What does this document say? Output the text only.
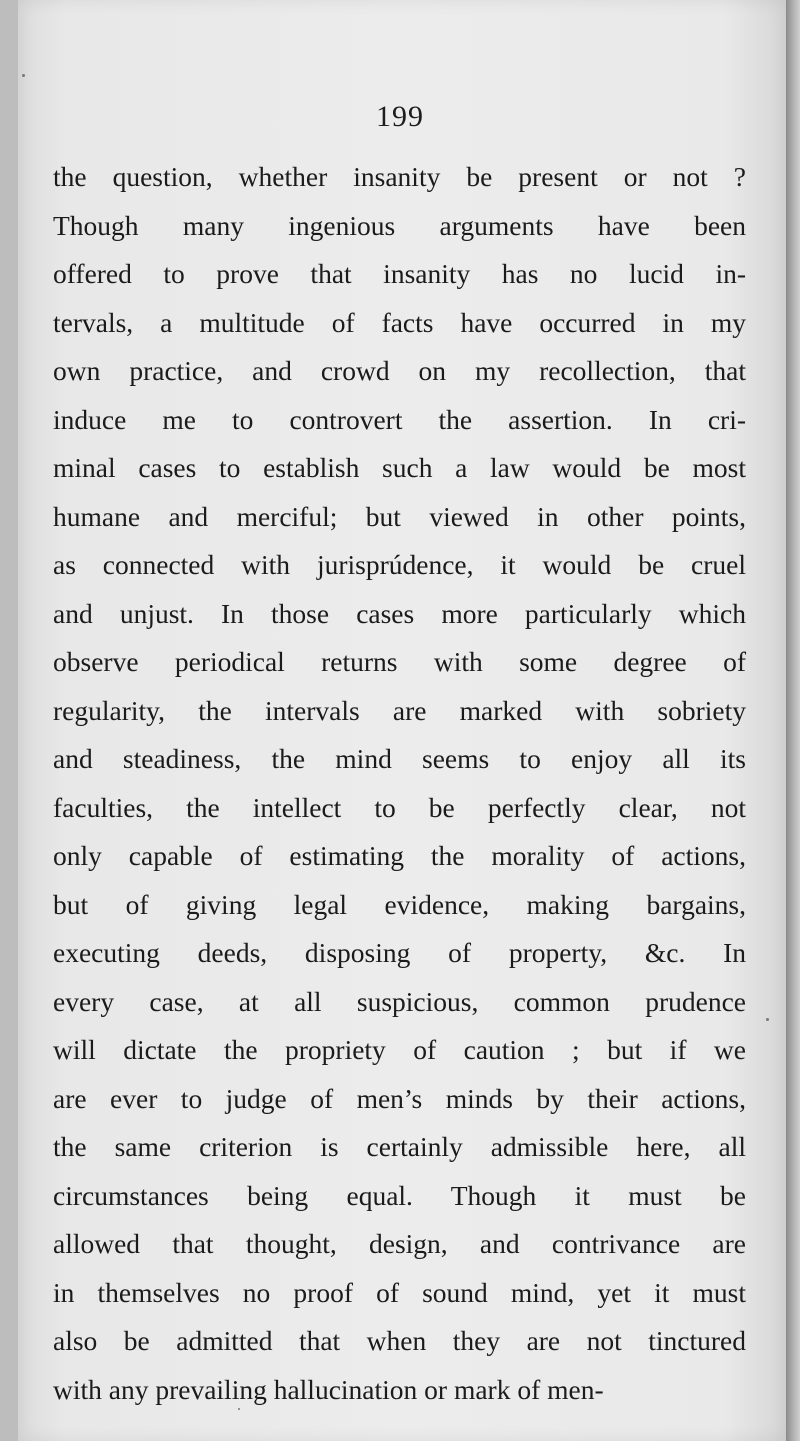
199
the question, whether insanity be present or not ?
Though many ingenious arguments have been
offered to prove that insanity has no lucid in-
tervals, a multitude of facts have occurred in my
own practice, and crowd on my recollection, that
induce me to controvert the assertion. In cri-
minal cases to establish such a law would be most
humane and merciful; but viewed in other points,
as connected with jurisprúdence, it would be cruel
and unjust. In those cases more particularly which
observe periodical returns with some degree of
regularity, the intervals are marked with sobriety
and steadiness, the mind seems to enjoy all its
faculties, the intellect to be perfectly clear, not
only capable of estimating the morality of actions,
but of giving legal evidence, making bargains,
executing deeds, disposing of property, &c. In
every case, at all suspicious, common prudence
will dictate the propriety of caution ; but if we
are ever to judge of men’s minds by their actions,
the same criterion is certainly admissible here, all
circumstances being equal. Though it must be
allowed that thought, design, and contrivance are
in themselves no proof of sound mind, yet it must
also be admitted that when they are not tinctured
with any prevailing hallucination or mark of men-
